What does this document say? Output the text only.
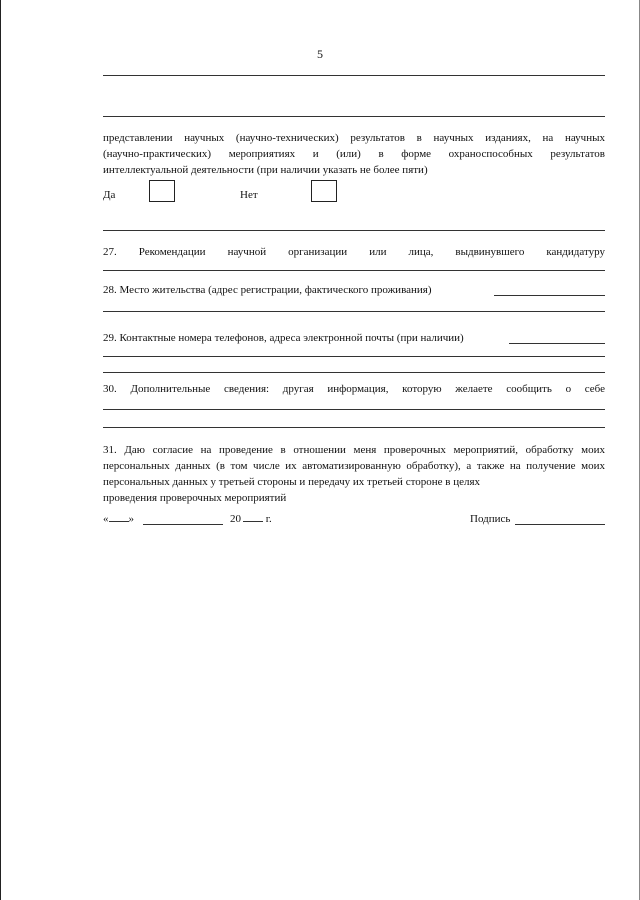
5
представлении научных (научно-технических) результатов в научных изданиях, на научных
(научно-практических) мероприятиях и (или) в форме охраноспособных результатов
интеллектуальной деятельности (при наличии указать не более пяти)
Да	Нет
27. Рекомендации научной организации или лица, выдвинувшего кандидатуру
28. Место жительства (адрес регистрации, фактического проживания)
29. Контактные номера телефонов, адреса электронной почты (при наличии)
30. Дополнительные сведения: другая информация, которую желаете сообщить о себе
31. Даю согласие на проведение в отношении меня проверочных мероприятий, обработку моих персональных данных (в том числе их автоматизированную обработку), а также на получение моих персональных данных у третьей стороны и передачу их третьей стороне в целях
проведения проверочных мероприятий
« »	20 г.	Подпись
